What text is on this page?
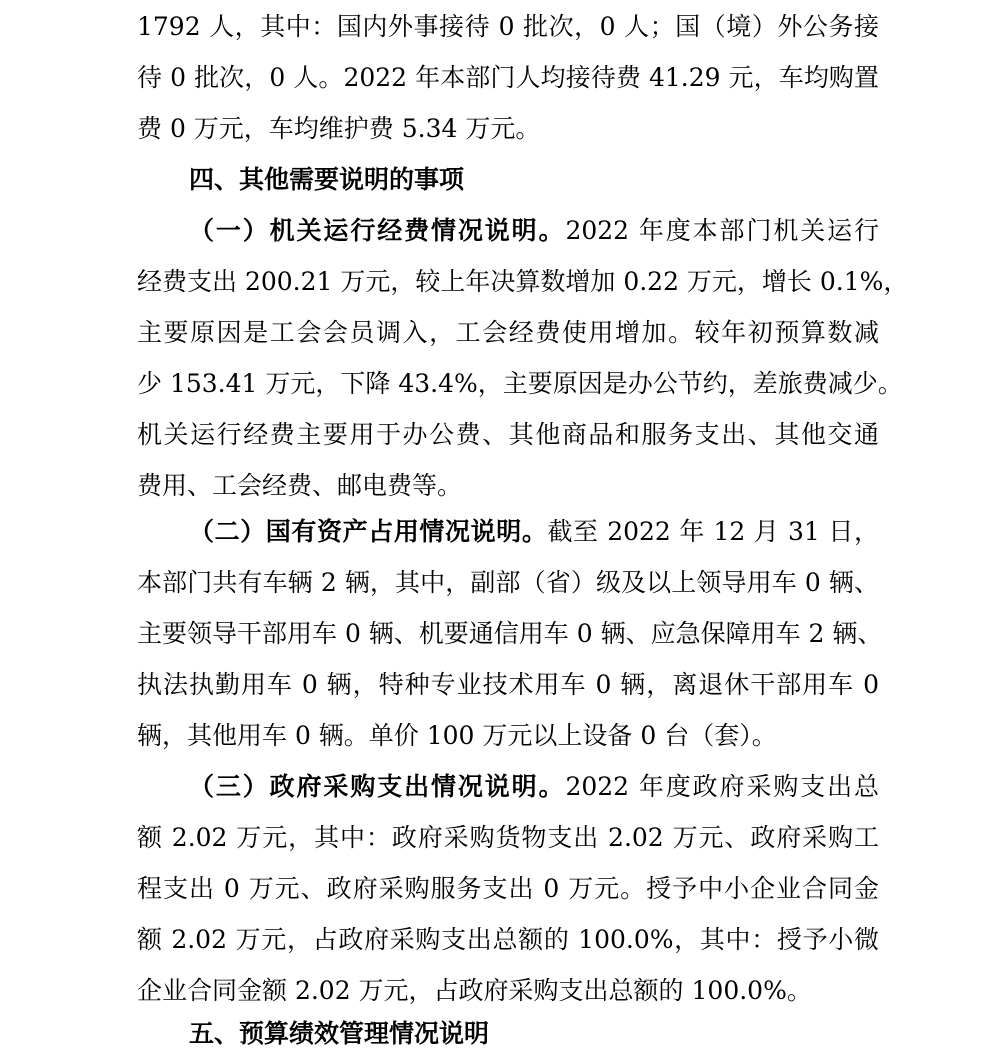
1792 人，其中：国内外事接待 0 批次，0 人；国（境）外公务接
待 0 批次，0 人。2022 年本部门人均接待费 41.29 元，车均购置
费 0 万元，车均维护费 5.34 万元。
四、其他需要说明的事项
（一）机关运行经费情况说明。2022 年度本部门机关运行
经费支出 200.21 万元，较上年决算数增加 0.22 万元，增长 0.1%，
主要原因是工会会员调入，工会经费使用增加。较年初预算数减
少 153.41 万元，下降 43.4%，主要原因是办公节约，差旅费减少。
机关运行经费主要用于办公费、其他商品和服务支出、其他交通
费用、工会经费、邮电费等。
（二）国有资产占用情况说明。截至 2022 年 12 月 31 日，
本部门共有车辆 2 辆，其中，副部（省）级及以上领导用车 0 辆、
主要领导干部用车 0 辆、机要通信用车 0 辆、应急保障用车 2 辆、
执法执勤用车 0 辆，特种专业技术用车 0 辆，离退休干部用车 0
辆，其他用车 0 辆。单价 100 万元以上设备 0 台（套）。
（三）政府采购支出情况说明。2022 年度政府采购支出总
额 2.02 万元，其中：政府采购货物支出 2.02 万元、政府采购工
程支出 0 万元、政府采购服务支出 0 万元。授予中小企业合同金
额 2.02 万元，占政府采购支出总额的 100.0%，其中：授予小微
企业合同金额 2.02 万元，占政府采购支出总额的 100.0%。
五、预算绩效管理情况说明
